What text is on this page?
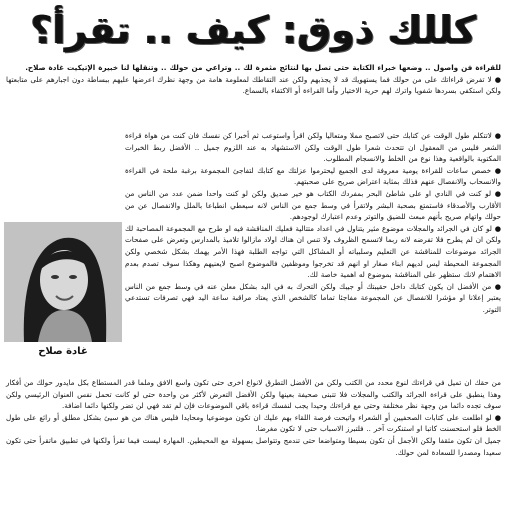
كللك ذوق: كيف .. تقرأ؟

للقراءة فن واصول .. وضعها خبراء الكتابة حتى تصل بها لنتائج مثمرة لك .. وتراعي من حولك .. وتنقلها لنا خبيرة الإتيكيت غادة صلاح.

● لا تفرض قراءاتك على من حولك فما يستهويك قد لا يجذبهم ولكن عند التقاطك لمعلومة هامة من وجهة نظرك اعرضها عليهم ببساطة دون اجبارهم على متابعتها ولكن استكفي بسردها شفويا واترك لهم حرية الاختيار وأما القراءة أو الاكتفاء بالسماع.

● لاتتكلم طول الوقت عن كتابك حتى لاتصبح مملا ومتعاليا ولكن اقرأ واستوعب ثم أخبرا كن نفسك فان كنت من هواة قراءة الشعر فليس من المعقول ان تتحدث شعرا طول الوقت ولكن الاستشهاد به عند اللزوم جميل .. الأفضل ربط الخبرات المكتوبة بالواقعية وهذا نوع من الخلط والانسجام المطلوب.

● خصص ساعات للقراءة يومية معروفة لدى الجميع ليحترموا عزلتك مع كتابك لتفاجئ المجموعة برغبة ملحة في القراءة والانسحاب والانفصال عنهم فذلك بمثابة اعتراض صريح على صحبتهم.

● لو كنت في النادي او على شاطئ البحر بمفردك الكتاب هو خير صديق ولكن لو كنت واحدا ضمن عدد من الناس من الأقارب والأصدقاء فاستمتع بصحبة البشر ولاتقرأ في وسط جمع من الناس لانه سيعطي انطباعا بالملل والانفصال عن من حولك واتهام صريح بأنهم مبعث للضيق والتوتر وعدم اعتبارك لوجودهم.

● لو كان في الجرائد والمجلات موضوع مثير يتناول في اعداد متتالية فعليك المناقشة فيه او طرح مع المجموعة المصاحبة لك ولكن ان لم يطرح فلا تفرضه لانه ربما لاتسمح الظروف ولا تنس ان هناك اولاد مازالوا تلاميذ بالمدارس وتعرض على صفحات الجرائد موضوعات للمناقشة عن التعليم وسلبياته أو المشاكل التي تواجه الطلبة فهذا الأمر يهمك بشكل شخصي ولكن المجموعة المحيطة ليس لديهم ابناء صغار او انهم قد تخرجوا وموظفين فالموضوع اصبح لايعنيهم وهكذا سوف تصدم بعدم الاهتمام لانك ستظهر على المناقشة بموضوع له اهمية خاصة لك.

● من الأفضل ان يكون كتابك داخل حقيبتك أو جيبك ولكن التحرك به في اليد بشكل معلن عنه في وسط جمع من الناس يعتبر إعلانا او مؤشرا للانفصال عن المجموعة مفاجئا تماما كالشخص الذي يعتاد مراقبة ساعة اليد فهي تصرفات تستدعي التوتر.

غادة صلاح

من حقك ان تميل في قراءتك لنوع محدد من الكتب ولكن من الأفضل التطرق لانواع اخرى حتى تكون واسع الافق وملما قدر المستطاع بكل مايدور حولك من أفكار وهذا ينطبق على قراءة الجرائد والكتب والمجلات فلا تتبنى صحيفة بعينها ولكن الأفضل التعرض لأكثر من واحدة حتى لو كانت تحمل نفس العنوان الرئيسي ولكن سوف تجده دائما من وجهة نظر مختلفة وحتى مع قراءتك وحيدا يجب لنفسك قراءة باقي الموضوعات فإن لم تفد فهي لن تضر ولكنها دائما اضافة.

● لو اطلعت على كتابات الصحفيين أو الشعراء واتيحت فرصة اللقاء بهم عليك ان تكون موضوعيا ومحايدا فليس هناك من هو سيئ بشكل مطلق أو رائع على طول الخط فلو استحسنت كاتبا او استنكرت آخر .. فلتبرز الاسباب حتى لا تكون مغرضا.

جميل ان تكون مثقفا ولكن الأجمل أن تكون بسيطا ومتواضعا حتى تندمج وتتواصل بسهولة مع المحيطين. المهارة ليست فيما تقرأ ولكنها في تطبيق ماتقرأ حتى تكون سعيدا ومصدرا للسعادة لمن حولك.
